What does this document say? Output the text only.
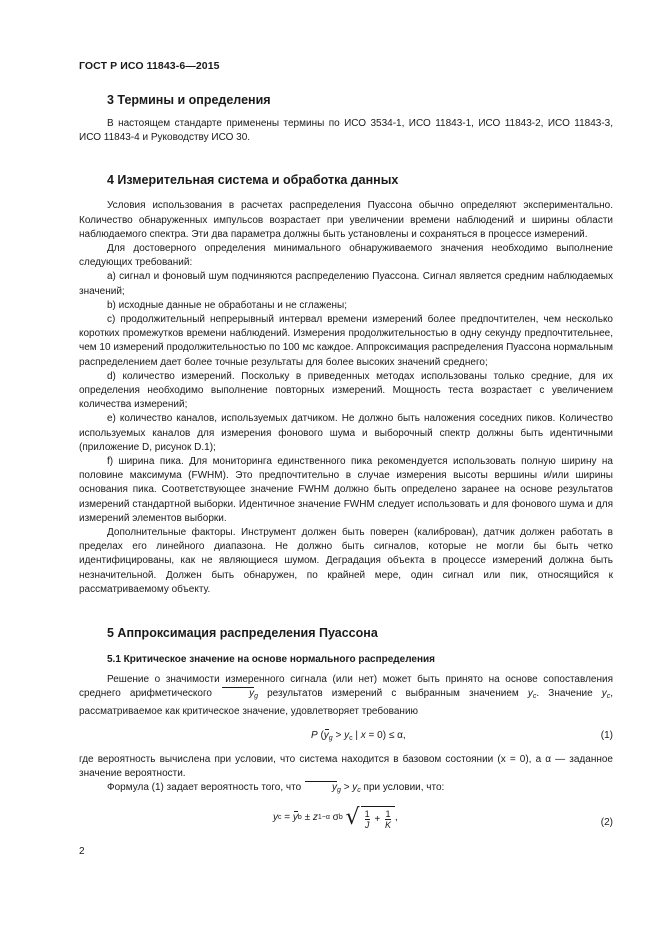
ГОСТ Р ИСО 11843-6—2015
3 Термины и определения

В настоящем стандарте применены термины по ИСО 3534-1, ИСО 11843-1, ИСО 11843-2, ИСО 11843-3, ИСО 11843-4 и Руководству ИСО 30.

4 Измерительная система и обработка данных

Условия использования в расчетах распределения Пуассона обычно определяют экспериментально. Количество обнаруженных импульсов возрастает при увеличении времени наблюдений и ширины области наблюдаемого спектра. Эти два параметра должны быть установлены и сохраняться в процессе измерений.

Для достоверного определения минимального обнаруживаемого значения необходимо выполнение следующих требований:

а) сигнал и фоновый шум подчиняются распределению Пуассона. Сигнал является средним наблюдаемых значений;

b) исходные данные не обработаны и не сглажены;

с) продолжительный непрерывный интервал времени измерений более предпочтителен, чем несколько коротких промежутков времени наблюдений. Измерения продолжительностью в одну секунду предпочтительнее, чем 10 измерений продолжительностью по 100 мс каждое. Аппроксимация распределения Пуассона нормальным распределением дает более точные результаты для более высоких значений среднего;

d) количество измерений. Поскольку в приведенных методах использованы только средние, для их определения необходимо выполнение повторных измерений. Мощность теста возрастает с увеличением количества измерений;

е) количество каналов, используемых датчиком. Не должно быть наложения соседних пиков. Количество используемых каналов для измерения фонового шума и выборочный спектр должны быть идентичными (приложение D, рисунок D.1);

f) ширина пика. Для мониторинга единственного пика рекомендуется использовать полную ширину на половине максимума (FWHM). Это предпочтительно в случае измерения высоты вершины и/или ширины основания пика. Соответствующее значение FWHM должно быть определено заранее на основе результатов измерений стандартной выборки. Идентичное значение FWHM следует использовать и для фонового шума и для измерений элементов выборки.

Дополнительные факторы. Инструмент должен быть поверен (калиброван), датчик должен работать в пределах его линейного диапазона. Не должно быть сигналов, которые не могли бы быть четко идентифицированы, как не являющиеся шумом. Деградация объекта в процессе измерений должна быть незначительной. Должен быть обнаружен, по крайней мере, один сигнал или пик, относящийся к рассматриваемому объекту.

5 Аппроксимация распределения Пуассона
5.1 Критическое значение на основе нормального распределения

Решение о значимости измеренного сигнала (или нет) может быть принято на основе сопоставления среднего арифметического	$y_g$ результатов измерений с выбранным значением $y_c$. Значение $y_c$, рассматриваемое как критическое значение, удовлетворяет требованию

P ($y_g > y_c$ | x = 0) ≤ α,	(1)

где вероятность вычислена при условии, что система находится в базовом состоянии (x = 0), а α — заданное значение вероятности.

Формула (1) задает вероятность того, что	$y_g > y_c$ при условии, что:

y c = y b ± z 1−α σ b
√ $\frac{1}{J} + \frac{1}{K}$ ,	(2)
2
